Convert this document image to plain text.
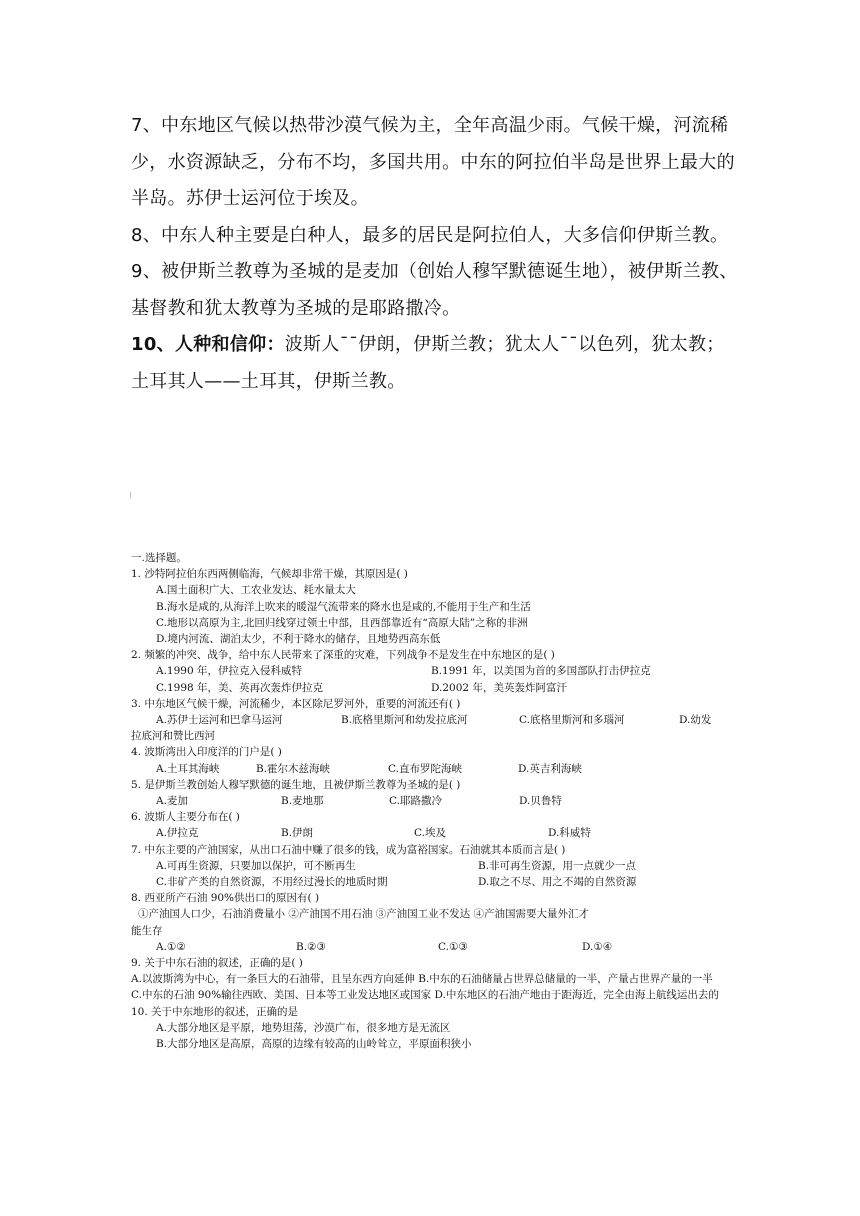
7、中东地区气候以热带沙漠气候为主，全年高温少雨。气候干燥，河流稀少，水资源缺乏，分布不均，多国共用。中东的阿拉伯半岛是世界上最大的半岛。苏伊士运河位于埃及。

8、中东人种主要是白种人，最多的居民是阿拉伯人，大多信仰伊斯兰教。

9、被伊斯兰教尊为圣城的是麦加（创始人穆罕默德诞生地），被伊斯兰教、基督教和犹太教尊为圣城的是耶路撒冷。

10、人种和信仰：波斯人¯¯伊朗，伊斯兰教；犹太人¯¯以色列，犹太教；土耳其人——土耳其，伊斯兰教。

一.选择题。
1. 沙特阿拉伯东西两侧临海，气候却非常干燥，其原因是( )
A.国土面积广大、工农业发达、耗水量太大
B.海水是咸的,从海洋上吹来的暖湿气流带来的降水也是咸的,不能用于生产和生活
C.地形以高原为主,北回归线穿过领土中部，且西部靠近有“高原大陆”之称的非洲
D.境内河流、湖泊太少，不利于降水的储存，且地势西高东低
2. 频繁的冲突、战争，给中东人民带来了深重的灾难，下列战争不是发生在中东地区的是( )
A.1990 年，伊拉克入侵科威特	B.1991 年，以美国为首的多国部队打击伊拉克
C.1998 年，美、英再次轰炸伊拉克	D.2002 年，美英轰炸阿富汗
3. 中东地区气候干燥，河流稀少，本区除尼罗河外，重要的河流还有( )
A.苏伊士运河和巴拿马运河	B.底格里斯河和幼发拉底河	C.底格里斯河和多瑙河	D.幼发
拉底河和赞比西河
4. 波斯湾出入印度洋的门户是( )
A.土耳其海峡	B.霍尔木兹海峡	C.直布罗陀海峡	D.英吉利海峡
5. 是伊斯兰教创始人穆罕默德的诞生地，且被伊斯兰教尊为圣城的是( )
A.麦加	B.麦地那	C.耶路撒冷	D.贝鲁特
6. 波斯人主要分布在( )
A.伊拉克	B.伊朗	C.埃及	D.科威特
7. 中东主要的产油国家，从出口石油中赚了很多的钱，成为富裕国家。石油就其本质而言是( )
A.可再生资源，只要加以保护，可不断再生	B.非可再生资源，用一点就少一点
C.非矿产类的自然资源，不用经过漫长的地质时期	D.取之不尽、用之不竭的自然资源
8. 西亚所产石油 90%供出口的原因有( )
①产油国人口少，石油消费量小 ②产油国不用石油 ③产油国工业不发达 ④产油国需要大量外汇才
能生存
A.①②	B.②③	C.①③	D.①④
9. 关于中东石油的叙述，正确的是( )
A.以波斯湾为中心，有一条巨大的石油带，且呈东西方向延伸 B.中东的石油储量占世界总储量的一半，产量占世界产量的一半
C.中东的石油 90%输往西欧、美国、日本等工业发达地区或国家 D.中东地区的石油产地由于距海近，完全由海上航线运出去的
10. 关于中东地形的叙述，正确的是
A.大部分地区是平原，地势坦荡，沙漠广布，很多地方是无流区
B.大部分地区是高原，高原的边缘有较高的山岭耸立，平原面积狭小
